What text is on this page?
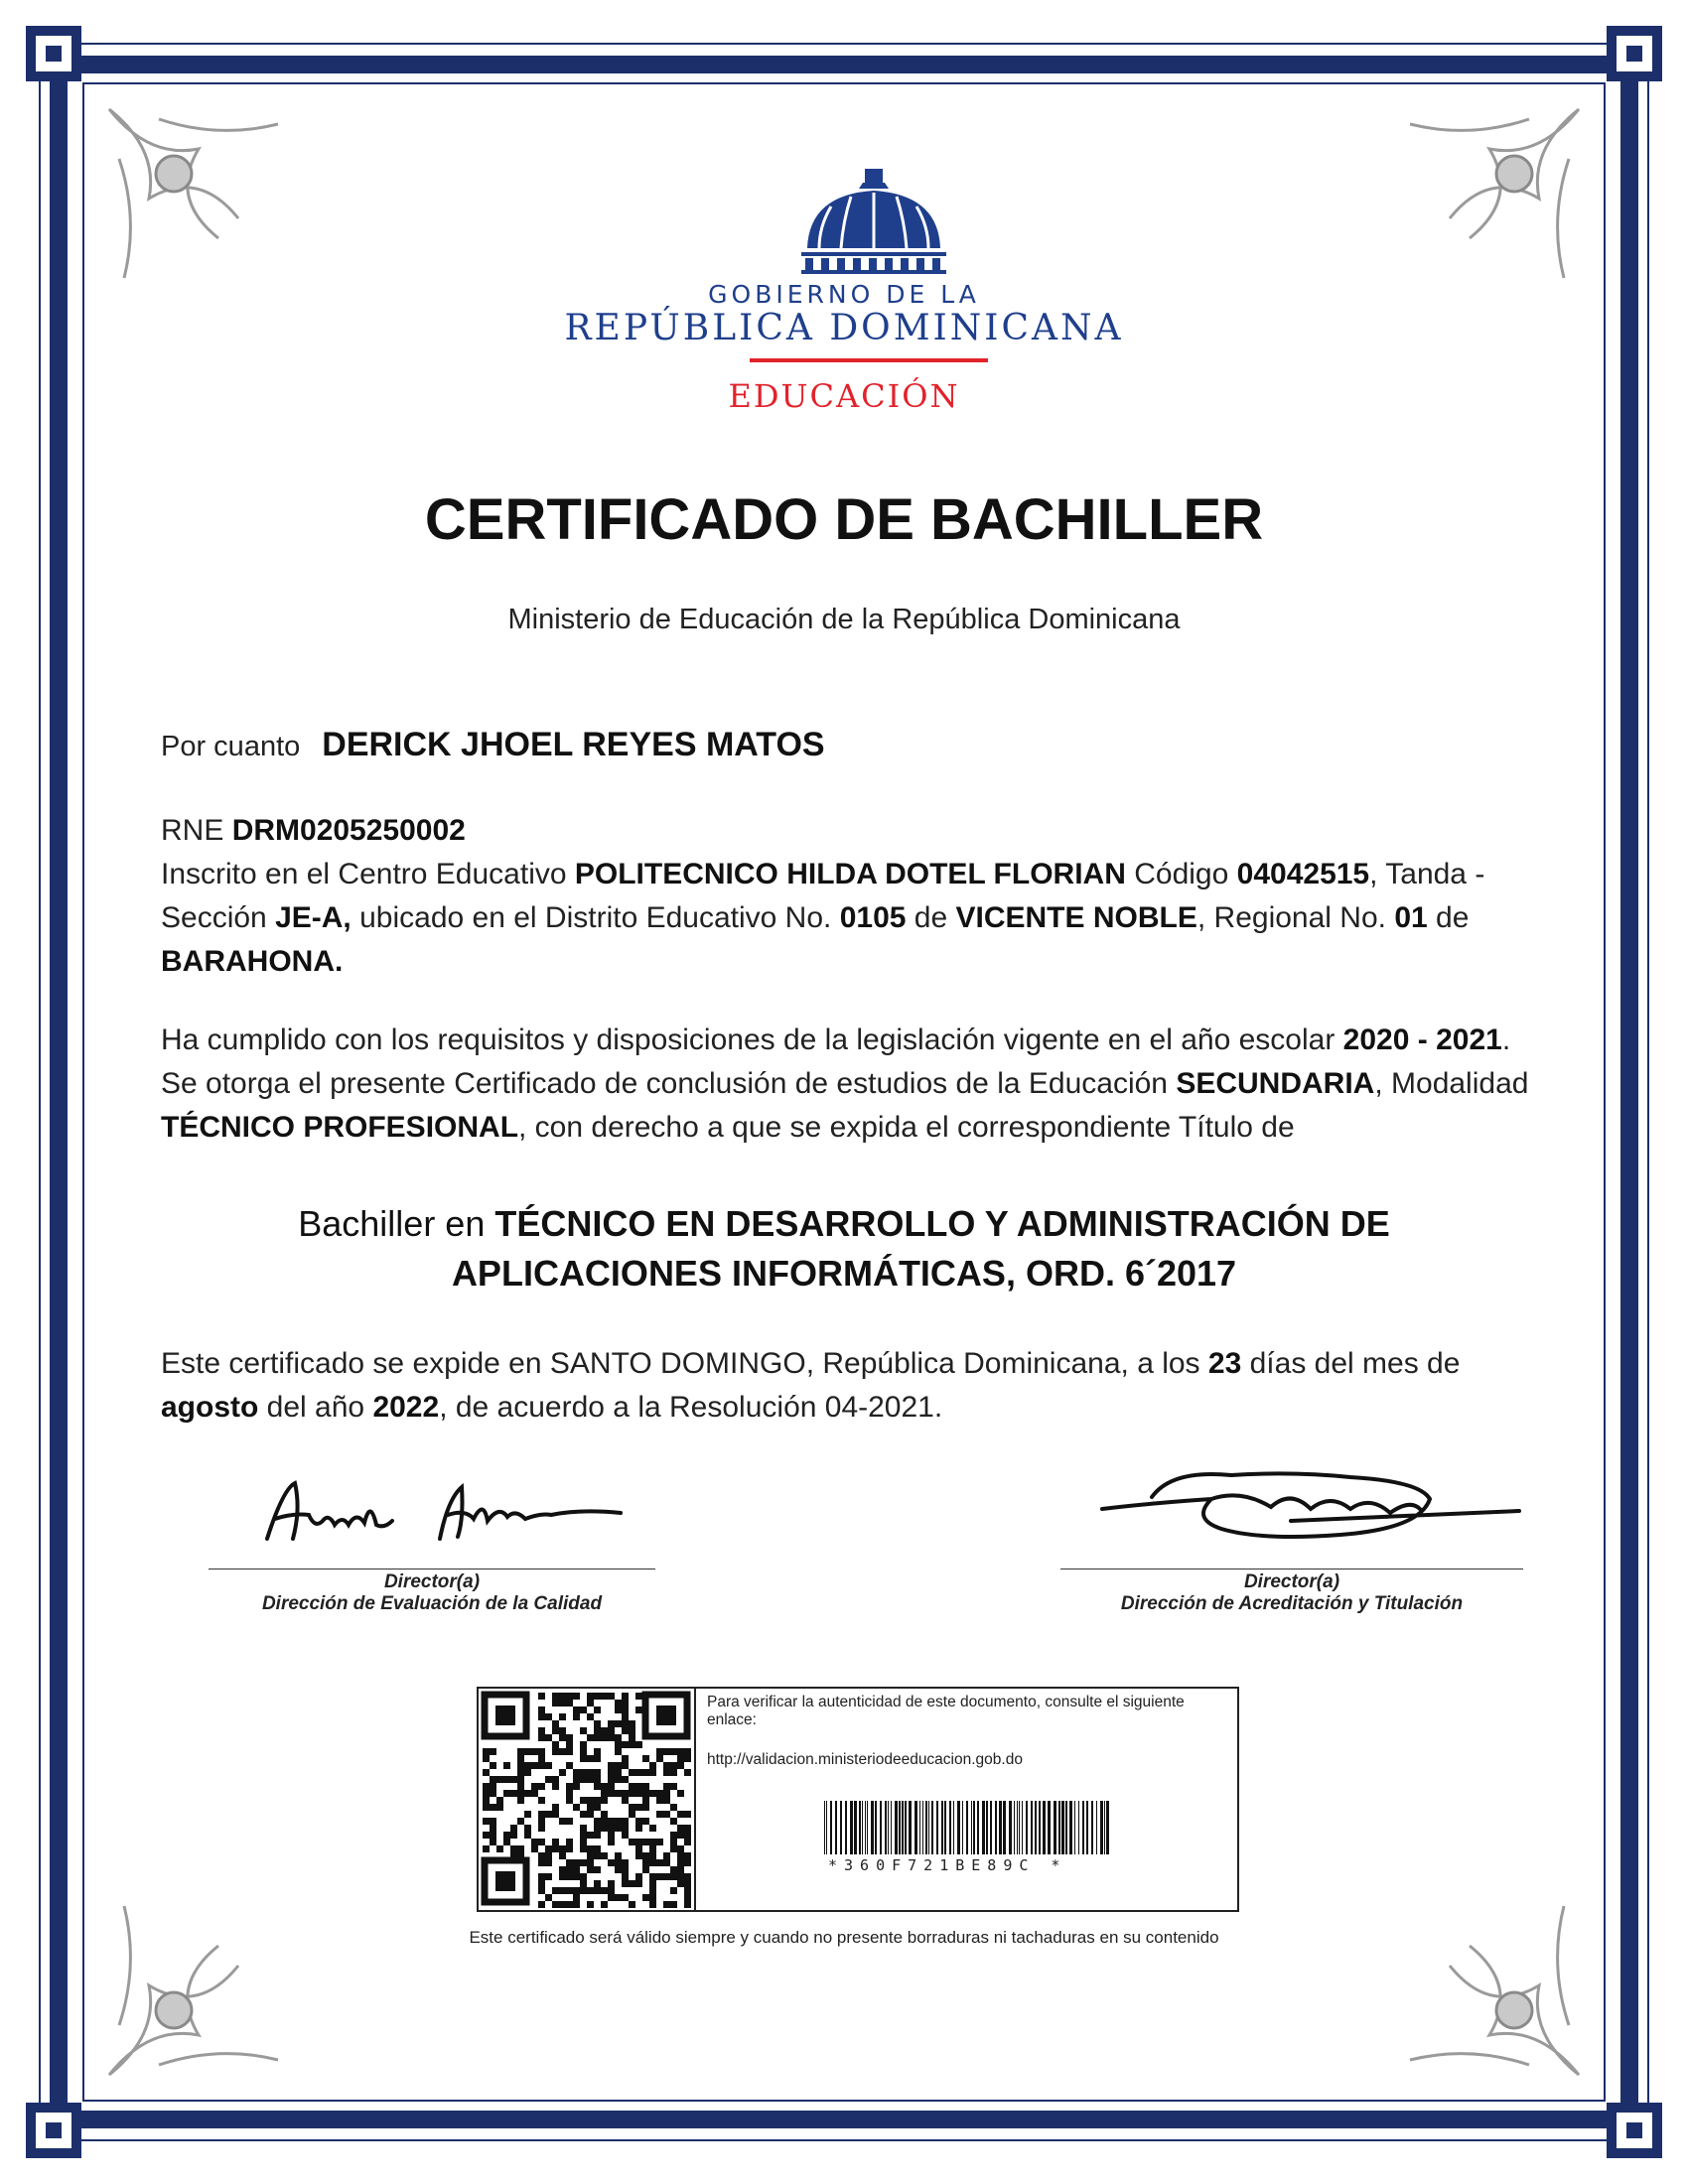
GOBIERNO DE LA
REPÚBLICA DOMINICANA
EDUCACIÓN
CERTIFICADO DE BACHILLER
Ministerio de Educación de la República Dominicana
Por cuanto DERICK JHOEL REYES MATOS
RNE DRM0205250002
Inscrito en el Centro Educativo POLITECNICO HILDA DOTEL FLORIAN Código 04042515, Tanda - Sección JE-A, ubicado en el Distrito Educativo No. 0105 de VICENTE NOBLE, Regional No. 01 de BARAHONA.
Ha cumplido con los requisitos y disposiciones de la legislación vigente en el año escolar 2020 - 2021. Se otorga el presente Certificado de conclusión de estudios de la Educación SECUNDARIA, Modalidad TÉCNICO PROFESIONAL, con derecho a que se expida el correspondiente Título de
Bachiller en TÉCNICO EN DESARROLLO Y ADMINISTRACIÓN DE APLICACIONES INFORMÁTICAS, ORD. 6´2017
Este certificado se expide en SANTO DOMINGO, República Dominicana, a los 23 días del mes de agosto del año 2022, de acuerdo a la Resolución 04-2021.
Director(a)
Dirección de Evaluación de la Calidad
Director(a)
Dirección de Acreditación y Titulación
Para verificar la autenticidad de este documento, consulte el siguiente enlace:
http://validacion.ministeriodeeducacion.gob.do
*360F721BE89C *
Este certificado será válido siempre y cuando no presente borraduras ni tachaduras en su contenido
